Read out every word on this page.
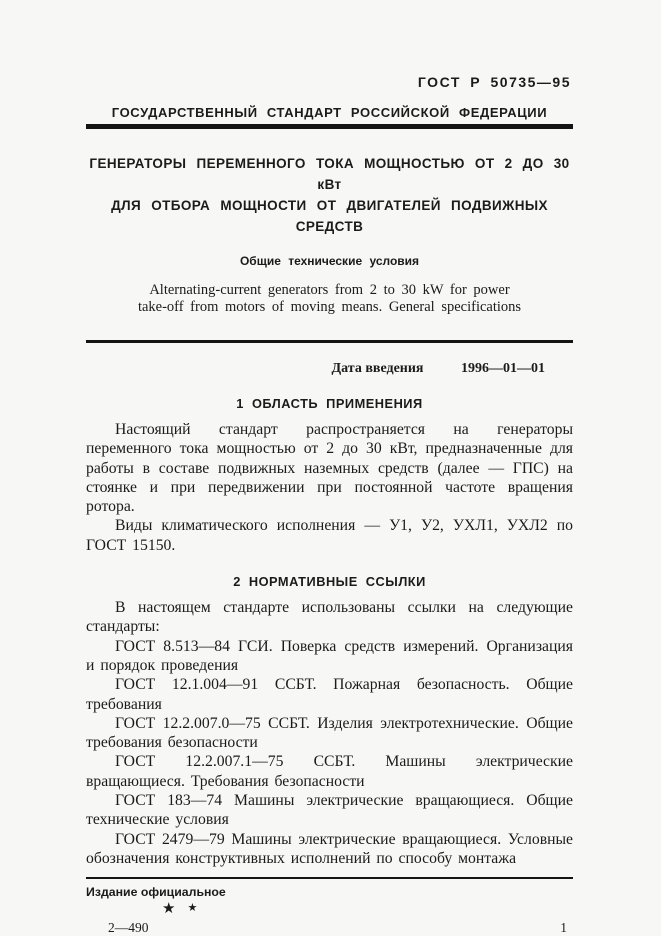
ГОСТ Р 50735—95
ГОСУДАРСТВЕННЫЙ СТАНДАРТ РОССИЙСКОЙ ФЕДЕРАЦИИ
ГЕНЕРАТОРЫ ПЕРЕМЕННОГО ТОКА МОЩНОСТЬЮ ОТ 2 ДО 30 кВт
ДЛЯ ОТБОРА МОЩНОСТИ ОТ ДВИГАТЕЛЕЙ ПОДВИЖНЫХ СРЕДСТВ
Общие технические условия
Alternating-current generators from 2 to 30 kW for power
take-off from motors of moving means. General specifications
Дата введения	1996—01—01
1 ОБЛАСТЬ ПРИМЕНЕНИЯ

Настоящий стандарт распространяется на генераторы переменного тока мощностью от 2 до 30 кВт, предназначенные для работы в составе подвижных наземных средств (далее — ГПС) на стоянке и при передвижении при постоянной частоте вращения ротора.

Виды климатического исполнения — У1, У2, УХЛ1, УХЛ2 по ГОСТ 15150.

2 НОРМАТИВНЫЕ ССЫЛКИ

В настоящем стандарте использованы ссылки на следующие стандарты:

ГОСТ 8.513—84 ГСИ. Поверка средств измерений. Организация и порядок проведения

ГОСТ 12.1.004—91 ССБТ. Пожарная безопасность. Общие требования

ГОСТ 12.2.007.0—75 ССБТ. Изделия электротехнические. Общие требования безопасности

ГОСТ 12.2.007.1—75 ССБТ. Машины электрические вращающиеся. Требования безопасности

ГОСТ 183—74 Машины электрические вращающиеся. Общие технические условия

ГОСТ 2479—79 Машины электрические вращающиеся. Условные обозначения конструктивных исполнений по способу монтажа

Издание официальное
★★
2—490	1
